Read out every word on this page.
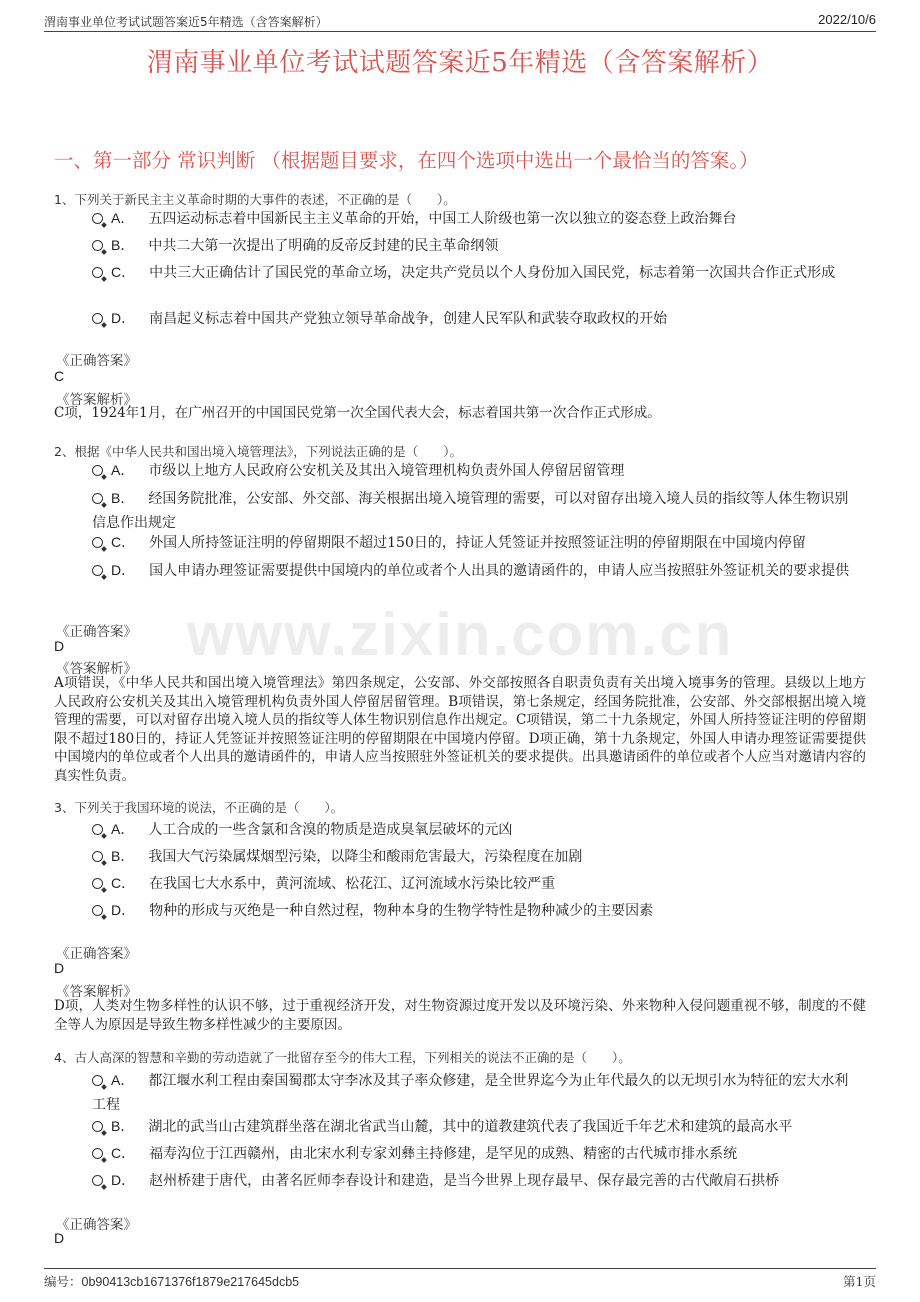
渭南事业单位考试试题答案近5年精选（含答案解析）	2022/10/6
渭南事业单位考试试题答案近5年精选（含答案解析）
一、第一部分 常识判断 （根据题目要求，在四个选项中选出一个最恰当的答案。）
www.zixin.com.cn
1、下列关于新民主主义革命时期的大事件的表述，不正确的是（　　）。
A． 五四运动标志着中国新民主主义革命的开始，中国工人阶级也第一次以独立的姿态登上政治舞台
B． 中共二大第一次提出了明确的反帝反封建的民主革命纲领
C． 中共三大正确估计了国民党的革命立场，决定共产党员以个人身份加入国民党，标志着第一次国共合作正式形成
D． 南昌起义标志着中国共产党独立领导革命战争，创建人民军队和武装夺取政权的开始
《正确答案》
C
《答案解析》
C项，1924年1月，在广州召开的中国国民党第一次全国代表大会，标志着国共第一次合作正式形成。
2、根据《中华人民共和国出境入境管理法》，下列说法正确的是（　　）。
A． 市级以上地方人民政府公安机关及其出入境管理机构负责外国人停留居留管理
B． 经国务院批准，公安部、外交部、海关根据出境入境管理的需要，可以对留存出境入境人员的指纹等人体生物识别信息作出规定
C． 外国人所持签证注明的停留期限不超过150日的，持证人凭签证并按照签证注明的停留期限在中国境内停留
D． 国人申请办理签证需要提供中国境内的单位或者个人出具的邀请函件的，申请人应当按照驻外签证机关的要求提供
《正确答案》
D
《答案解析》
A项错误，《中华人民共和国出境入境管理法》第四条规定，公安部、外交部按照各自职责负责有关出境入境事务的管理。县级以上地方人民政府公安机关及其出入境管理机构负责外国人停留居留管理。B项错误，第七条规定，经国务院批准，公安部、外交部根据出境入境管理的需要，可以对留存出境入境人员的指纹等人体生物识别信息作出规定。C项错误，第二十九条规定，外国人所持签证注明的停留期限不超过180日的，持证人凭签证并按照签证注明的停留期限在中国境内停留。D项正确，第十九条规定，外国人申请办理签证需要提供中国境内的单位或者个人出具的邀请函件的，申请人应当按照驻外签证机关的要求提供。出具邀请函件的单位或者个人应当对邀请内容的真实性负责。
3、下列关于我国环境的说法，不正确的是（　　）。
A． 人工合成的一些含氯和含溴的物质是造成臭氧层破坏的元凶
B． 我国大气污染属煤烟型污染，以降尘和酸雨危害最大，污染程度在加剧
C． 在我国七大水系中，黄河流域、松花江、辽河流域水污染比较严重
D． 物种的形成与灭绝是一种自然过程，物种本身的生物学特性是物种减少的主要因素
《正确答案》
D
《答案解析》
D项，人类对生物多样性的认识不够，过于重视经济开发，对生物资源过度开发以及环境污染、外来物种入侵问题重视不够，制度的不健全等人为原因是导致生物多样性减少的主要原因。
4、古人高深的智慧和辛勤的劳动造就了一批留存至今的伟大工程，下列相关的说法不正确的是（　　）。
A． 都江堰水利工程由秦国蜀郡太守李冰及其子率众修建，是全世界迄今为止年代最久的以无坝引水为特征的宏大水利工程
B． 湖北的武当山古建筑群坐落在湖北省武当山麓，其中的道教建筑代表了我国近千年艺术和建筑的最高水平
C． 福寿沟位于江西赣州，由北宋水利专家刘彝主持修建，是罕见的成熟、精密的古代城市排水系统
D． 赵州桥建于唐代，由著名匠师李春设计和建造，是当今世界上现存最早、保存最完善的古代敞肩石拱桥
《正确答案》
D
编号：0b90413cb1671376f1879e217645dcb5	第1页
